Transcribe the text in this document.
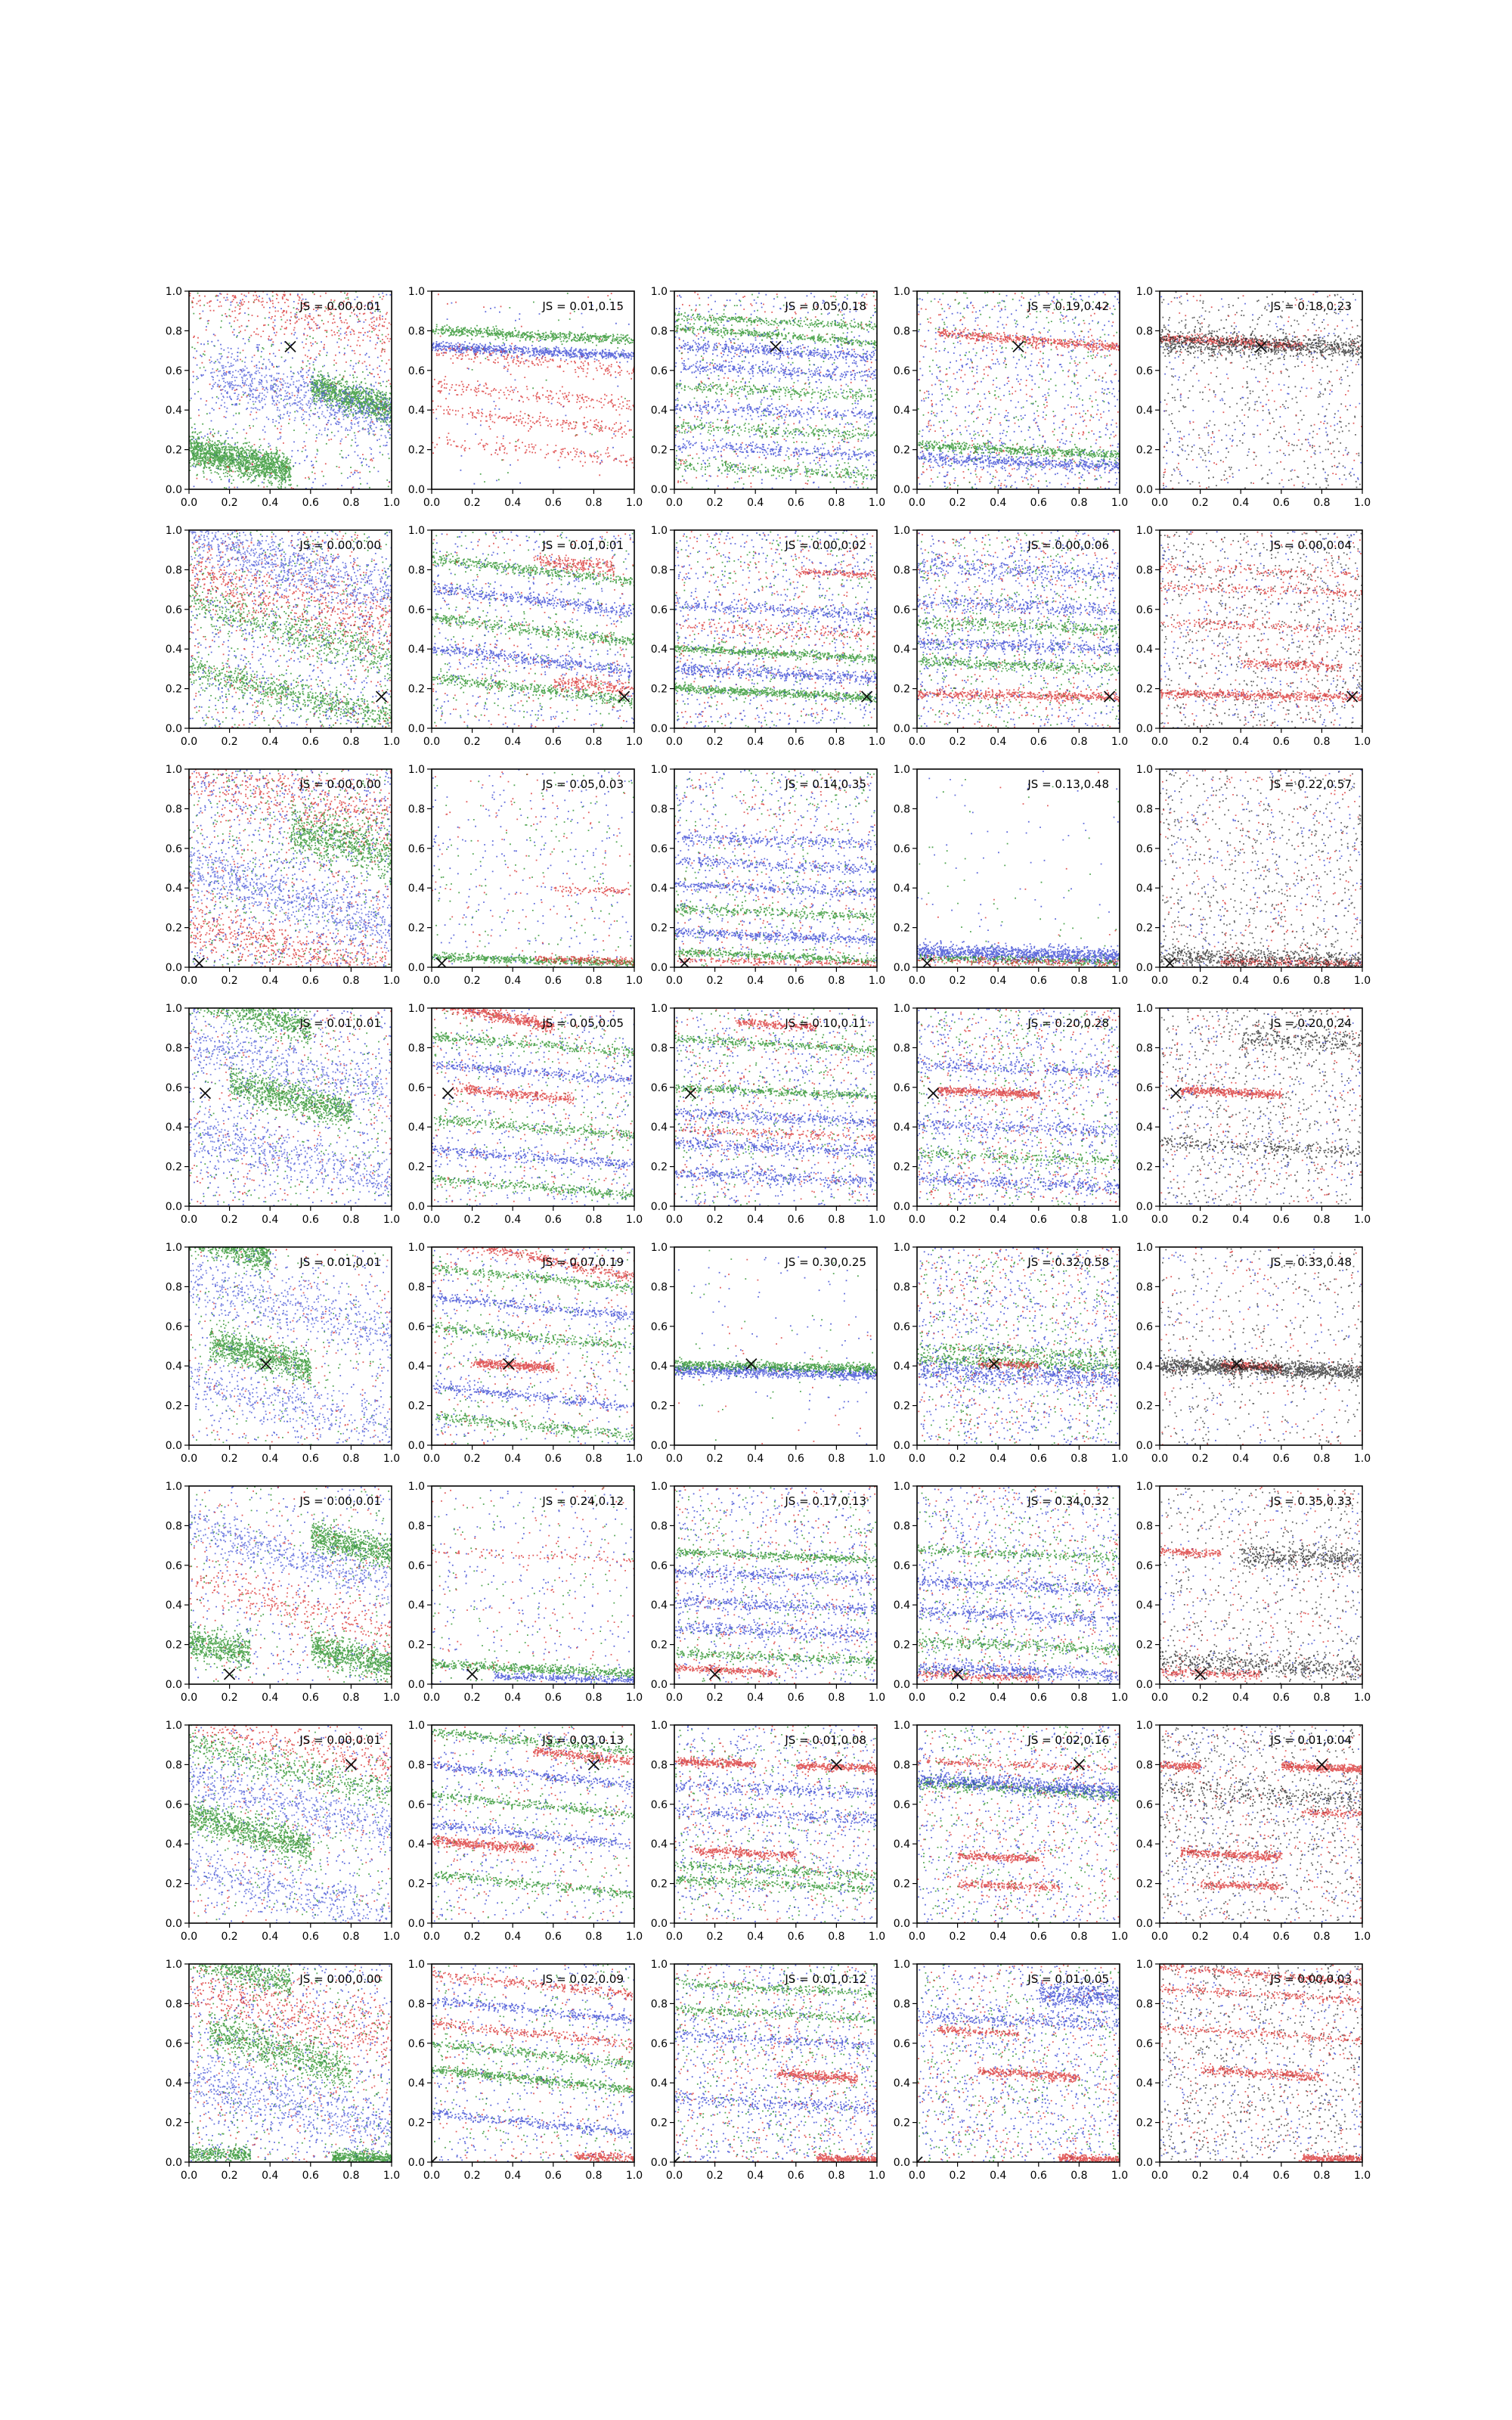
0.0
0.0
0.2
0.2
0.4
0.4
0.6
0.6
0.8
0.8
1.0
1.0
JS = 0.00,0.01
0.0
0.0
0.2
0.2
0.4
0.4
0.6
0.6
0.8
0.8
1.0
1.0
JS = 0.01,0.15
0.0
0.0
0.2
0.2
0.4
0.4
0.6
0.6
0.8
0.8
1.0
1.0
JS = 0.05,0.18
0.0
0.0
0.2
0.2
0.4
0.4
0.6
0.6
0.8
0.8
1.0
1.0
JS = 0.19,0.42
0.0
0.0
0.2
0.2
0.4
0.4
0.6
0.6
0.8
0.8
1.0
1.0
JS = 0.18,0.23
0.0
0.0
0.2
0.2
0.4
0.4
0.6
0.6
0.8
0.8
1.0
1.0
JS = 0.00,0.00
0.0
0.0
0.2
0.2
0.4
0.4
0.6
0.6
0.8
0.8
1.0
1.0
JS = 0.01,0.01
0.0
0.0
0.2
0.2
0.4
0.4
0.6
0.6
0.8
0.8
1.0
1.0
JS = 0.00,0.02
0.0
0.0
0.2
0.2
0.4
0.4
0.6
0.6
0.8
0.8
1.0
1.0
JS = 0.00,0.06
0.0
0.0
0.2
0.2
0.4
0.4
0.6
0.6
0.8
0.8
1.0
1.0
JS = 0.00,0.04
0.0
0.0
0.2
0.2
0.4
0.4
0.6
0.6
0.8
0.8
1.0
1.0
JS = 0.00,0.00
0.0
0.0
0.2
0.2
0.4
0.4
0.6
0.6
0.8
0.8
1.0
1.0
JS = 0.05,0.03
0.0
0.0
0.2
0.2
0.4
0.4
0.6
0.6
0.8
0.8
1.0
1.0
JS = 0.14,0.35
0.0
0.0
0.2
0.2
0.4
0.4
0.6
0.6
0.8
0.8
1.0
1.0
JS = 0.13,0.48
0.0
0.0
0.2
0.2
0.4
0.4
0.6
0.6
0.8
0.8
1.0
1.0
JS = 0.22,0.57
0.0
0.0
0.2
0.2
0.4
0.4
0.6
0.6
0.8
0.8
1.0
1.0
JS = 0.01,0.01
0.0
0.0
0.2
0.2
0.4
0.4
0.6
0.6
0.8
0.8
1.0
1.0
JS = 0.05,0.05
0.0
0.0
0.2
0.2
0.4
0.4
0.6
0.6
0.8
0.8
1.0
1.0
JS = 0.10,0.11
0.0
0.0
0.2
0.2
0.4
0.4
0.6
0.6
0.8
0.8
1.0
1.0
JS = 0.20,0.28
0.0
0.0
0.2
0.2
0.4
0.4
0.6
0.6
0.8
0.8
1.0
1.0
JS = 0.20,0.24
0.0
0.0
0.2
0.2
0.4
0.4
0.6
0.6
0.8
0.8
1.0
1.0
JS = 0.01,0.01
0.0
0.0
0.2
0.2
0.4
0.4
0.6
0.6
0.8
0.8
1.0
1.0
JS = 0.07,0.19
0.0
0.0
0.2
0.2
0.4
0.4
0.6
0.6
0.8
0.8
1.0
1.0
JS = 0.30,0.25
0.0
0.0
0.2
0.2
0.4
0.4
0.6
0.6
0.8
0.8
1.0
1.0
JS = 0.32,0.58
0.0
0.0
0.2
0.2
0.4
0.4
0.6
0.6
0.8
0.8
1.0
1.0
JS = 0.33,0.48
0.0
0.0
0.2
0.2
0.4
0.4
0.6
0.6
0.8
0.8
1.0
1.0
JS = 0.00,0.01
0.0
0.0
0.2
0.2
0.4
0.4
0.6
0.6
0.8
0.8
1.0
1.0
JS = 0.24,0.12
0.0
0.0
0.2
0.2
0.4
0.4
0.6
0.6
0.8
0.8
1.0
1.0
JS = 0.17,0.13
0.0
0.0
0.2
0.2
0.4
0.4
0.6
0.6
0.8
0.8
1.0
1.0
JS = 0.34,0.32
0.0
0.0
0.2
0.2
0.4
0.4
0.6
0.6
0.8
0.8
1.0
1.0
JS = 0.35,0.33
0.0
0.0
0.2
0.2
0.4
0.4
0.6
0.6
0.8
0.8
1.0
1.0
JS = 0.00,0.01
0.0
0.0
0.2
0.2
0.4
0.4
0.6
0.6
0.8
0.8
1.0
1.0
JS = 0.03,0.13
0.0
0.0
0.2
0.2
0.4
0.4
0.6
0.6
0.8
0.8
1.0
1.0
JS = 0.01,0.08
0.0
0.0
0.2
0.2
0.4
0.4
0.6
0.6
0.8
0.8
1.0
1.0
JS = 0.02,0.16
0.0
0.0
0.2
0.2
0.4
0.4
0.6
0.6
0.8
0.8
1.0
1.0
JS = 0.01,0.04
0.0
0.0
0.2
0.2
0.4
0.4
0.6
0.6
0.8
0.8
1.0
1.0
JS = 0.00,0.00
0.0
0.0
0.2
0.2
0.4
0.4
0.6
0.6
0.8
0.8
1.0
1.0
JS = 0.02,0.09
0.0
0.0
0.2
0.2
0.4
0.4
0.6
0.6
0.8
0.8
1.0
1.0
JS = 0.01,0.12
0.0
0.0
0.2
0.2
0.4
0.4
0.6
0.6
0.8
0.8
1.0
1.0
JS = 0.01,0.05
0.0
0.0
0.2
0.2
0.4
0.4
0.6
0.6
0.8
0.8
1.0
1.0
JS = 0.00,0.03
